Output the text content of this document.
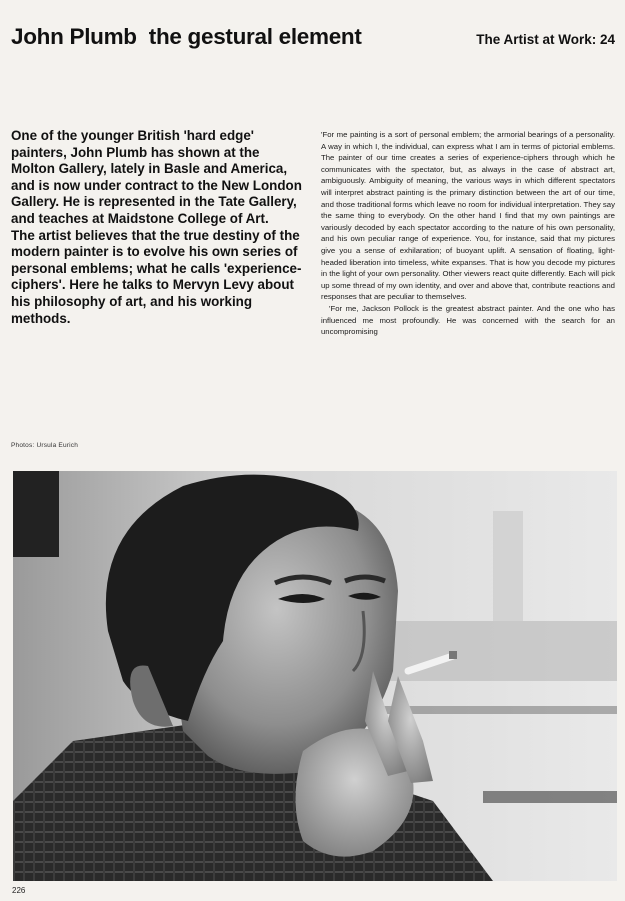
John Plumb the gestural element	The Artist at Work: 24

One of the younger British 'hard edge' painters, John Plumb has shown at the Molton Gallery, lately in Basle and America, and is now under contract to the New London Gallery. He is represented in the Tate Gallery, and teaches at Maidstone College of Art.

The artist believes that the true destiny of the modern painter is to evolve his own series of personal emblems; what he calls 'experience-ciphers'. Here he talks to Mervyn Levy about his philosophy of art, and his working methods.

Photos: Ursula Eurich

'For me painting is a sort of personal emblem; the armorial bearings of a personality. A way in which I, the individual, can express what I am in terms of pictorial emblems. The painter of our time creates a series of experience-ciphers through which he communicates with the spectator, but, as always in the case of abstract art, ambiguously. Ambiguity of meaning, the various ways in which different spectators will interpret abstract painting is the primary distinction between the art of our time, and those traditional forms which leave no room for individual interpretation. They say the same thing to everybody. On the other hand I find that my own paintings are variously decoded by each spectator according to the nature of his own personality, and his own peculiar range of experience. You, for instance, said that my pictures give you a sense of exhilaration; of buoyant uplift. A sensation of floating, light-headed liberation into timeless, white expanses. That is how you decode my pictures in the light of your own personality. Other viewers react quite differently. Each will pick up some thread of my own identity, and over and above that, contribute reactions and responses that are peculiar to themselves.

'For me, Jackson Pollock is the greatest abstract painter. And the one who has influenced me most profoundly. He was concerned with the search for an uncompromising

226
